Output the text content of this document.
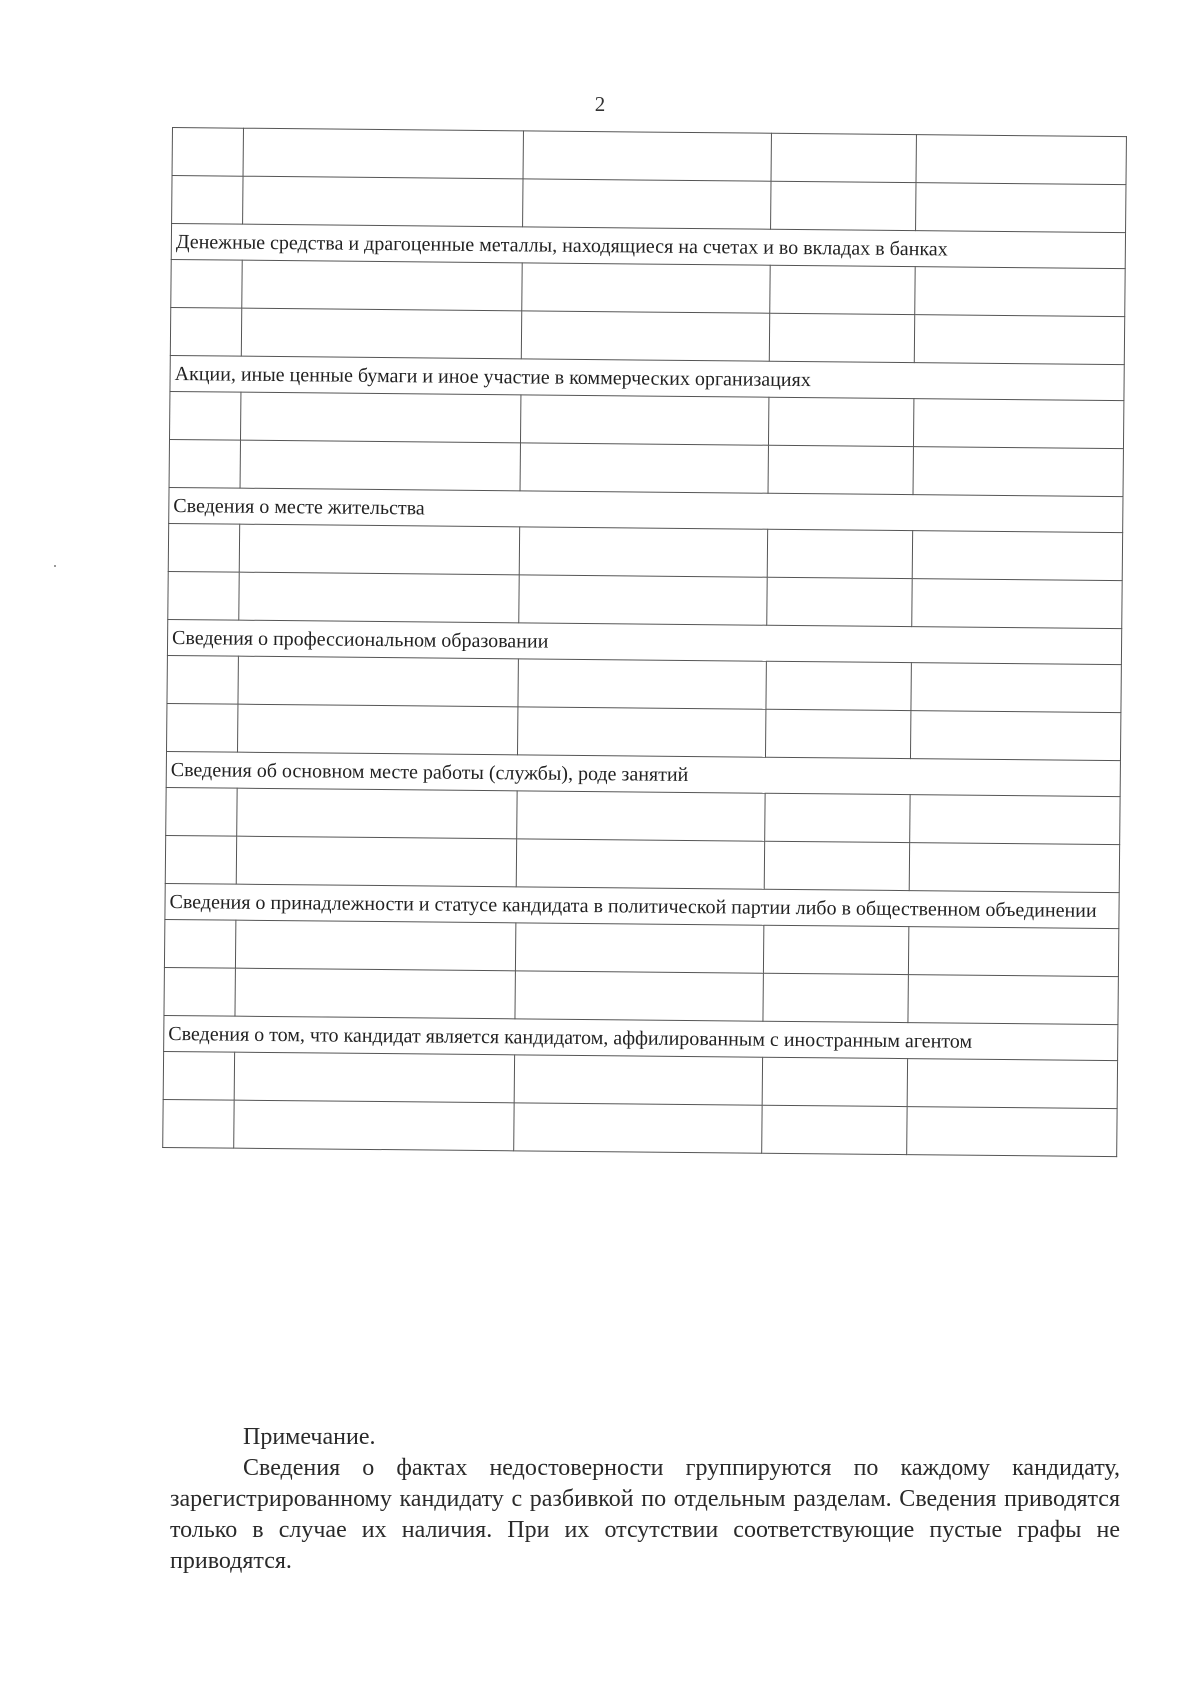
2

Денежные средства и драгоценные металлы, находящиеся на счетах и во вкладах в банках				

Акции, иные ценные бумаги и иное участие в коммерческих организациях				

Сведения о месте жительства				

Сведения о профессиональном образовании				

Сведения об основном месте работы (службы), роде занятий				

Сведения о принадлежности и статусе кандидата в политической партии либо в общественном объединении				

Сведения о том, что кандидат является кандидатом, аффилированным с иностранным агентом				

Примечание.

Сведения о фактах недостоверности группируются по каждому кандидату, зарегистрированному кандидату с разбивкой по отдельным разделам. Сведения приводятся только в случае их наличия. При их отсутствии соответствующие пустые графы не приводятся.
